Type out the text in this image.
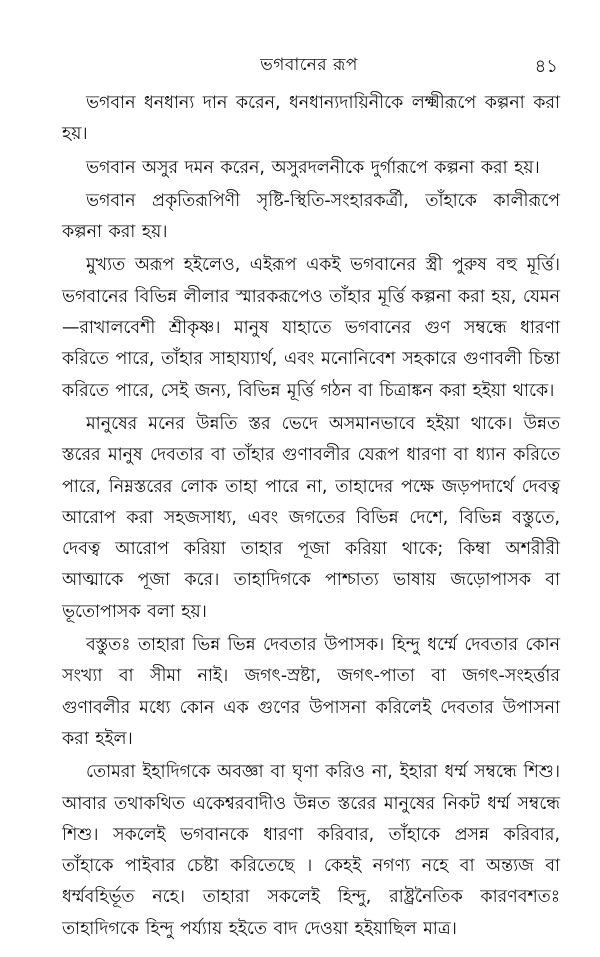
ভগবানের রূপ	৪১

ভগবান ধনধান্য দান করেন, ধনধান্যদায়িনীকে লক্ষ্মীরূপে কল্পনা করা হয়।

ভগবান অসুর দমন করেন, অসুরদলনীকে দুর্গারূপে কল্পনা করা হয়।

ভগবান প্রকৃতিরূপিণী সৃষ্টি-স্থিতি-সংহারকর্ত্রী, তাঁহাকে কালীরূপে কল্পনা করা হয়।

মুখ্যত অরূপ হইলেও, এইরূপ একই ভগবানের স্ত্রী পুরুষ বহু মূর্ত্তি। ভগবানের বিভিন্ন লীলার স্মারকরূপেও তাঁহার মূর্ত্তি কল্পনা করা হয়, যেমন—রাখালবেশী শ্রীকৃষ্ণ। মানুষ যাহাতে ভগবানের গুণ সম্বন্ধে ধারণা করিতে পারে, তাঁহার সাহায্যার্থ, এবং মনোনিবেশ সহকারে গুণাবলী চিন্তা করিতে পারে, সেই জন্য, বিভিন্ন মূর্ত্তি গঠন বা চিত্রাঙ্কন করা হইয়া থাকে।

মানুষের মনের উন্নতি স্তর ভেদে অসমানভাবে হইয়া থাকে। উন্নত স্তরের মানুষ দেবতার বা তাঁহার গুণাবলীর যেরূপ ধারণা বা ধ্যান করিতে পারে, নিম্নস্তরের লোক তাহা পারে না, তাহাদের পক্ষে জড়পদার্থে দেবত্ব আরোপ করা সহজসাধ্য, এবং জগতের বিভিন্ন দেশে, বিভিন্ন বস্তুতে, দেবত্ব আরোপ করিয়া তাহার পূজা করিয়া থাকে; কিম্বা অশরীরী আত্মাকে পূজা করে। তাহাদিগকে পাশ্চাত্য ভাষায় জড়োপাসক বা ভূতোপাসক বলা হয়।

বস্তুতঃ তাহারা ভিন্ন ভিন্ন দেবতার উপাসক। হিন্দু ধর্ম্মে দেবতার কোন সংখ্যা বা সীমা নাই। জগৎ-স্রষ্টা, জগৎ-পাতা বা জগৎ-সংহর্ত্তার গুণাবলীর মধ্যে কোন এক গুণের উপাসনা করিলেই দেবতার উপাসনা করা হইল।

তোমরা ইহাদিগকে অবজ্ঞা বা ঘৃণা করিও না, ইহারা ধর্ম্ম সম্বন্ধে শিশু। আবার তথাকথিত একেশ্বরবাদীও উন্নত স্তরের মানুষের নিকট ধর্ম্ম সম্বন্ধে শিশু। সকলেই ভগবানকে ধারণা করিবার, তাঁহাকে প্রসন্ন করিবার, তাঁহাকে পাইবার চেষ্টা করিতেছে । কেহই নগণ্য নহে বা অন্ত্যজ বা ধর্ম্মবহির্ভূত নহে। তাহারা সকলেই হিন্দু, রাষ্ট্রনৈতিক কারণবশতঃ তাহাদিগকে হিন্দু পর্য্যায় হইতে বাদ দেওয়া হইয়াছিল মাত্র।
